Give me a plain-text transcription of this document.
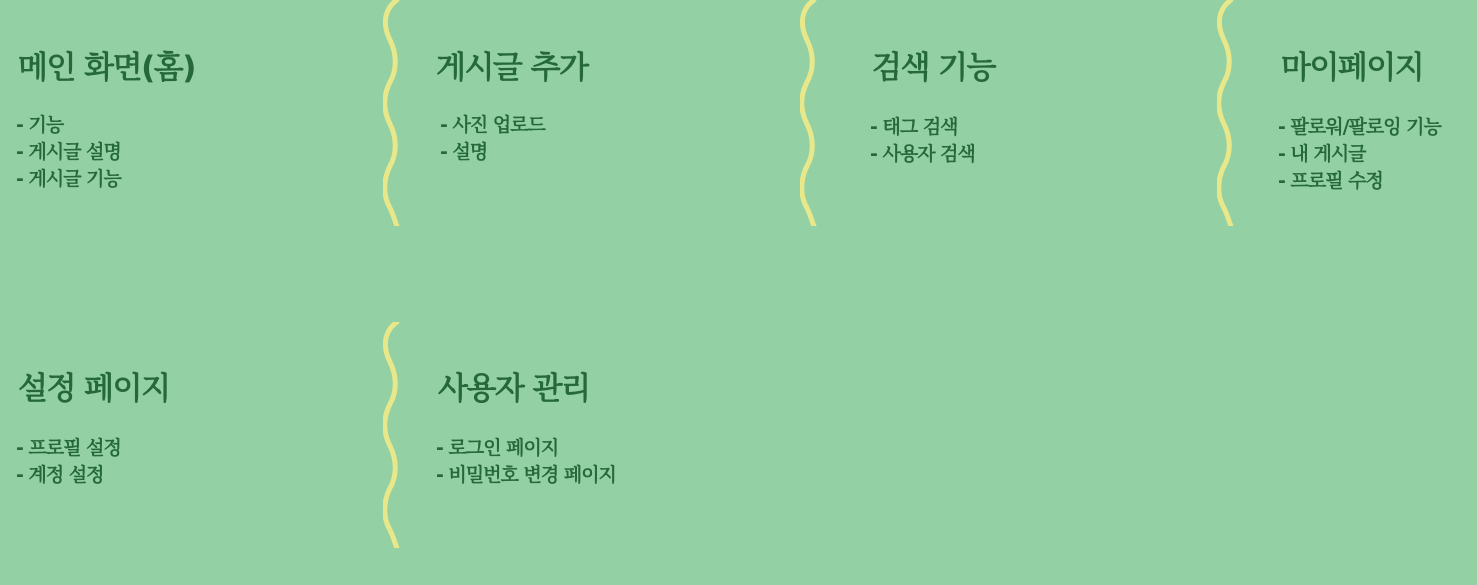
메인 화면(홈)
- 기능
- 게시글 설명
- 게시글 기능
게시글 추가
- 사진 업로드
- 설명
검색 기능
- 태그 검색
- 사용자 검색
마이페이지
- 팔로워/팔로잉 기능
- 내 게시글
- 프로필 수정
설정 페이지
- 프로필 설정
- 계정 설정
사용자 관리
- 로그인 페이지
- 비밀번호 변경 페이지
